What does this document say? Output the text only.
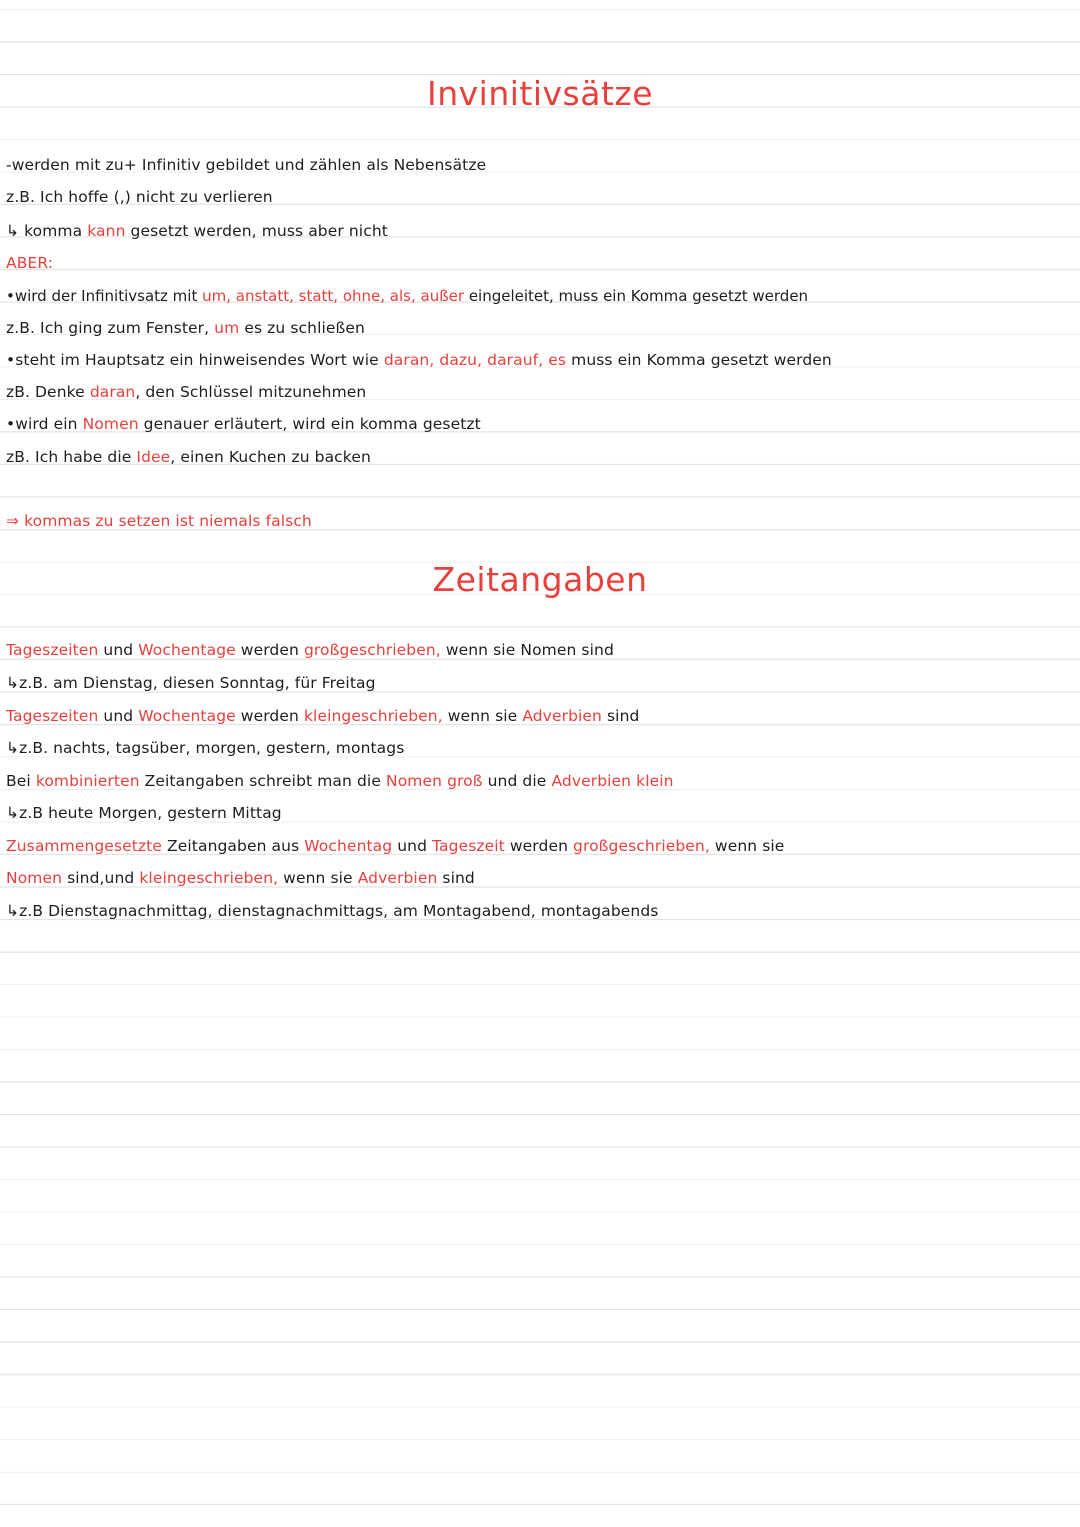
Invinitivsätze

-werden mit zu+ Infinitiv gebildet und zählen als Nebensätze

z.B. Ich hoffe (,) nicht zu verlieren

↳ komma kann gesetzt werden, muss aber nicht

ABER:

•wird der Infinitivsatz mit um, anstatt, statt, ohne, als, außer eingeleitet, muss ein Komma gesetzt werden

z.B. Ich ging zum Fenster, um es zu schließen

•steht im Hauptsatz ein hinweisendes Wort wie daran, dazu, darauf, es muss ein Komma gesetzt werden

zB. Denke daran, den Schlüssel mitzunehmen

•wird ein Nomen genauer erläutert, wird ein komma gesetzt

zB. Ich habe die Idee, einen Kuchen zu backen

⇒ kommas zu setzen ist niemals falsch

Zeitangaben

Tageszeiten und Wochentage werden großgeschrieben, wenn sie Nomen sind

↳z.B. am Dienstag, diesen Sonntag, für Freitag

Tageszeiten und Wochentage werden kleingeschrieben, wenn sie Adverbien sind

↳z.B. nachts, tagsüber, morgen, gestern, montags

Bei kombinierten Zeitangaben schreibt man die Nomen groß und die Adverbien klein

↳z.B heute Morgen, gestern Mittag

Zusammengesetzte Zeitangaben aus Wochentag und Tageszeit werden großgeschrieben, wenn sie

Nomen sind,und kleingeschrieben, wenn sie Adverbien sind

↳z.B Dienstagnachmittag, dienstagnachmittags, am Montagabend, montagabends
